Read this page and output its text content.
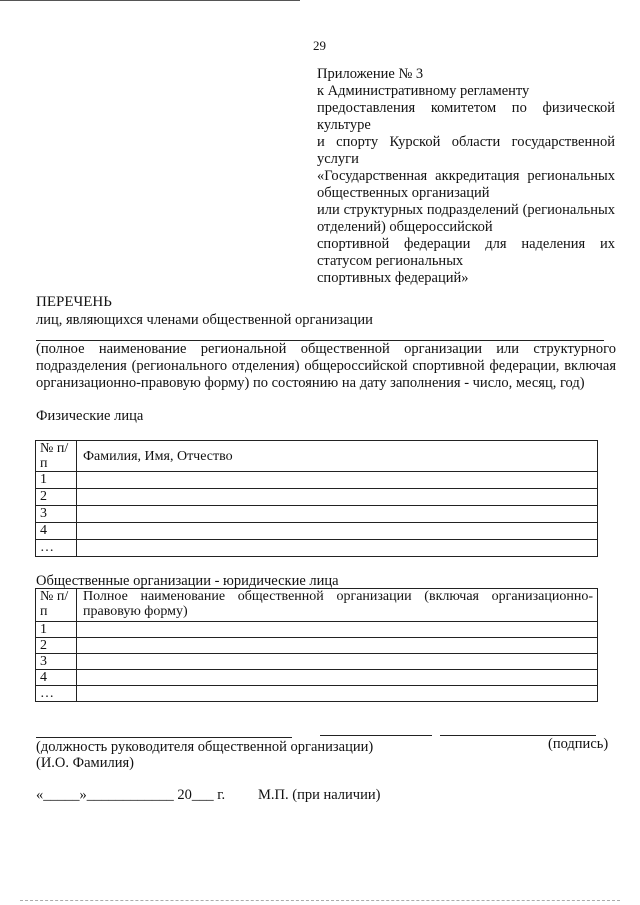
29
Приложение № 3
к Административному регламенту
предоставления комитетом по физической
культуре
и спорту Курской области государственной
услуги
«Государственная аккредитация региональных
общественных организаций
или структурных подразделений (региональных
отделений) общероссийской
спортивной федерации для наделения их
статусом региональных
спортивных федераций»
ПЕРЕЧЕНЬ
лиц, являющихся членами общественной организации
(полное наименование региональной общественной организации или структурного
подразделения (регионального отделения) общероссийской спортивной федерации, включая
организационно-правовую форму) по состоянию на дату заполнения - число, месяц, год)
Физические лица
№ п/п	Фамилия, Имя, Отчество
1	
2	
3	
4	
…	
Общественные организации - юридические лица
№ п/п	Полное наименование общественной организации (включая организационно-правовую форму)
1	
2	
3	
4	
…	
(должность руководителя общественной организации)	(подпись)
(И.О. Фамилия)
«_____»____________ 20___ г. М.П. (при наличии)
